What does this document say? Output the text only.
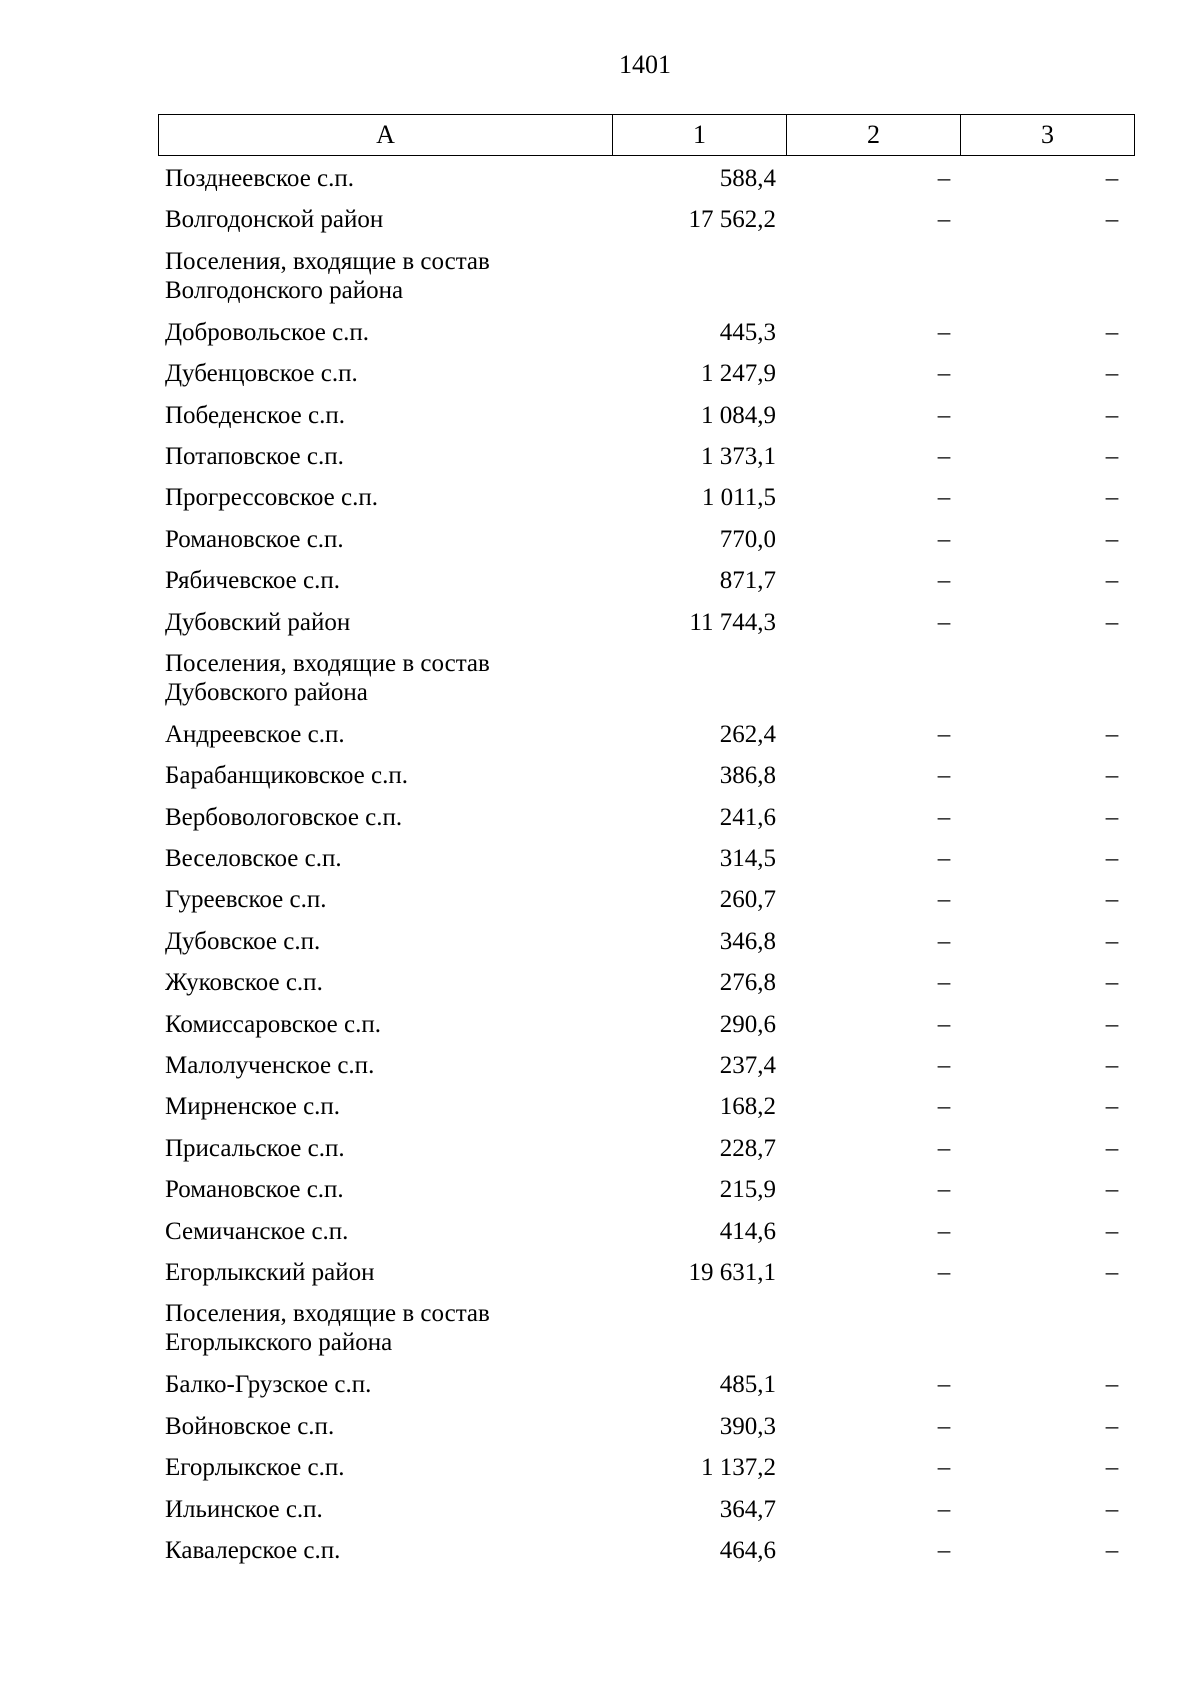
1401
А	1	2	3
Позднеевское с.п.	588,4	–	–
Волгодонской район	17 562,2	–	–
Поселения, входящие в состав Волгодонского района
Добровольское с.п.	445,3	–	–
Дубенцовское с.п.	1 247,9	–	–
Победенское с.п.	1 084,9	–	–
Потаповское с.п.	1 373,1	–	–
Прогрессовское с.п.	1 011,5	–	–
Романовское с.п.	770,0	–	–
Рябичевское с.п.	871,7	–	–
Дубовский район	11 744,3	–	–
Поселения, входящие в состав Дубовского района
Андреевское с.п.	262,4	–	–
Барабанщиковское с.п.	386,8	–	–
Вербовологовское с.п.	241,6	–	–
Веселовское с.п.	314,5	–	–
Гуреевское с.п.	260,7	–	–
Дубовское с.п.	346,8	–	–
Жуковское с.п.	276,8	–	–
Комиссаровское с.п.	290,6	–	–
Малолученское с.п.	237,4	–	–
Мирненское с.п.	168,2	–	–
Присальское с.п.	228,7	–	–
Романовское с.п.	215,9	–	–
Семичанское с.п.	414,6	–	–
Егорлыкский район	19 631,1	–	–
Поселения, входящие в состав Егорлыкского района
Балко-Грузское с.п.	485,1	–	–
Войновское с.п.	390,3	–	–
Егорлыкское с.п.	1 137,2	–	–
Ильинское с.п.	364,7	–	–
Кавалерское с.п.	464,6	–	–
